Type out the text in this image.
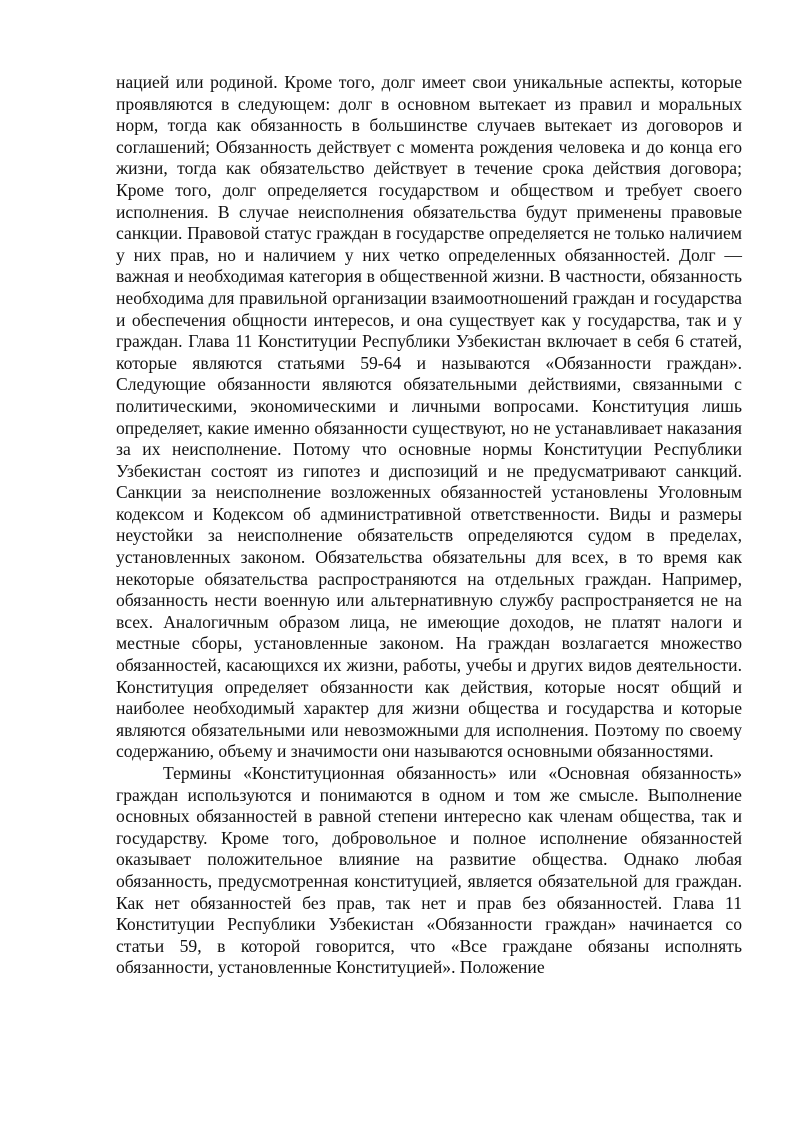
нацией или родиной. Кроме того, долг имеет свои уникальные аспекты, которые проявляются в следующем: долг в основном вытекает из правил и моральных норм, тогда как обязанность в большинстве случаев вытекает из договоров и соглашений; Обязанность действует с момента рождения человека и до конца его жизни, тогда как обязательство действует в течение срока действия договора; Кроме того, долг определяется государством и обществом и требует своего исполнения. В случае неисполнения обязательства будут применены правовые санкции. Правовой статус граждан в государстве определяется не только наличием у них прав, но и наличием у них четко определенных обязанностей. Долг — важная и необходимая категория в общественной жизни. В частности, обязанность необходима для правильной организации взаимоотношений граждан и государства и обеспечения общности интересов, и она существует как у государства, так и у граждан. Глава 11 Конституции Республики Узбекистан включает в себя 6 статей, которые являются статьями 59-64 и называются «Обязанности граждан». Следующие обязанности являются обязательными действиями, связанными с политическими, экономическими и личными вопросами. Конституция лишь определяет, какие именно обязанности существуют, но не устанавливает наказания за их неисполнение. Потому что основные нормы Конституции Республики Узбекистан состоят из гипотез и диспозиций и не предусматривают санкций. Санкции за неисполнение возложенных обязанностей установлены Уголовным кодексом и Кодексом об административной ответственности. Виды и размеры неустойки за неисполнение обязательств определяются судом в пределах, установленных законом. Обязательства обязательны для всех, в то время как некоторые обязательства распространяются на отдельных граждан. Например, обязанность нести военную или альтернативную службу распространяется не на всех. Аналогичным образом лица, не имеющие доходов, не платят налоги и местные сборы, установленные законом. На граждан возлагается множество обязанностей, касающихся их жизни, работы, учебы и других видов деятельности. Конституция определяет обязанности как действия, которые носят общий и наиболее необходимый характер для жизни общества и государства и которые являются обязательными или невозможными для исполнения. Поэтому по своему содержанию, объему и значимости они называются основными обязанностями.

Термины «Конституционная обязанность» или «Основная обязанность» граждан используются и понимаются в одном и том же смысле. Выполнение основных обязанностей в равной степени интересно как членам общества, так и государству. Кроме того, добровольное и полное исполнение обязанностей оказывает положительное влияние на развитие общества. Однако любая обязанность, предусмотренная конституцией, является обязательной для граждан. Как нет обязанностей без прав, так нет и прав без обязанностей. Глава 11 Конституции Республики Узбекистан «Обязанности граждан» начинается со статьи 59, в которой говорится, что «Все граждане обязаны исполнять обязанности, установленные Конституцией». Положение
